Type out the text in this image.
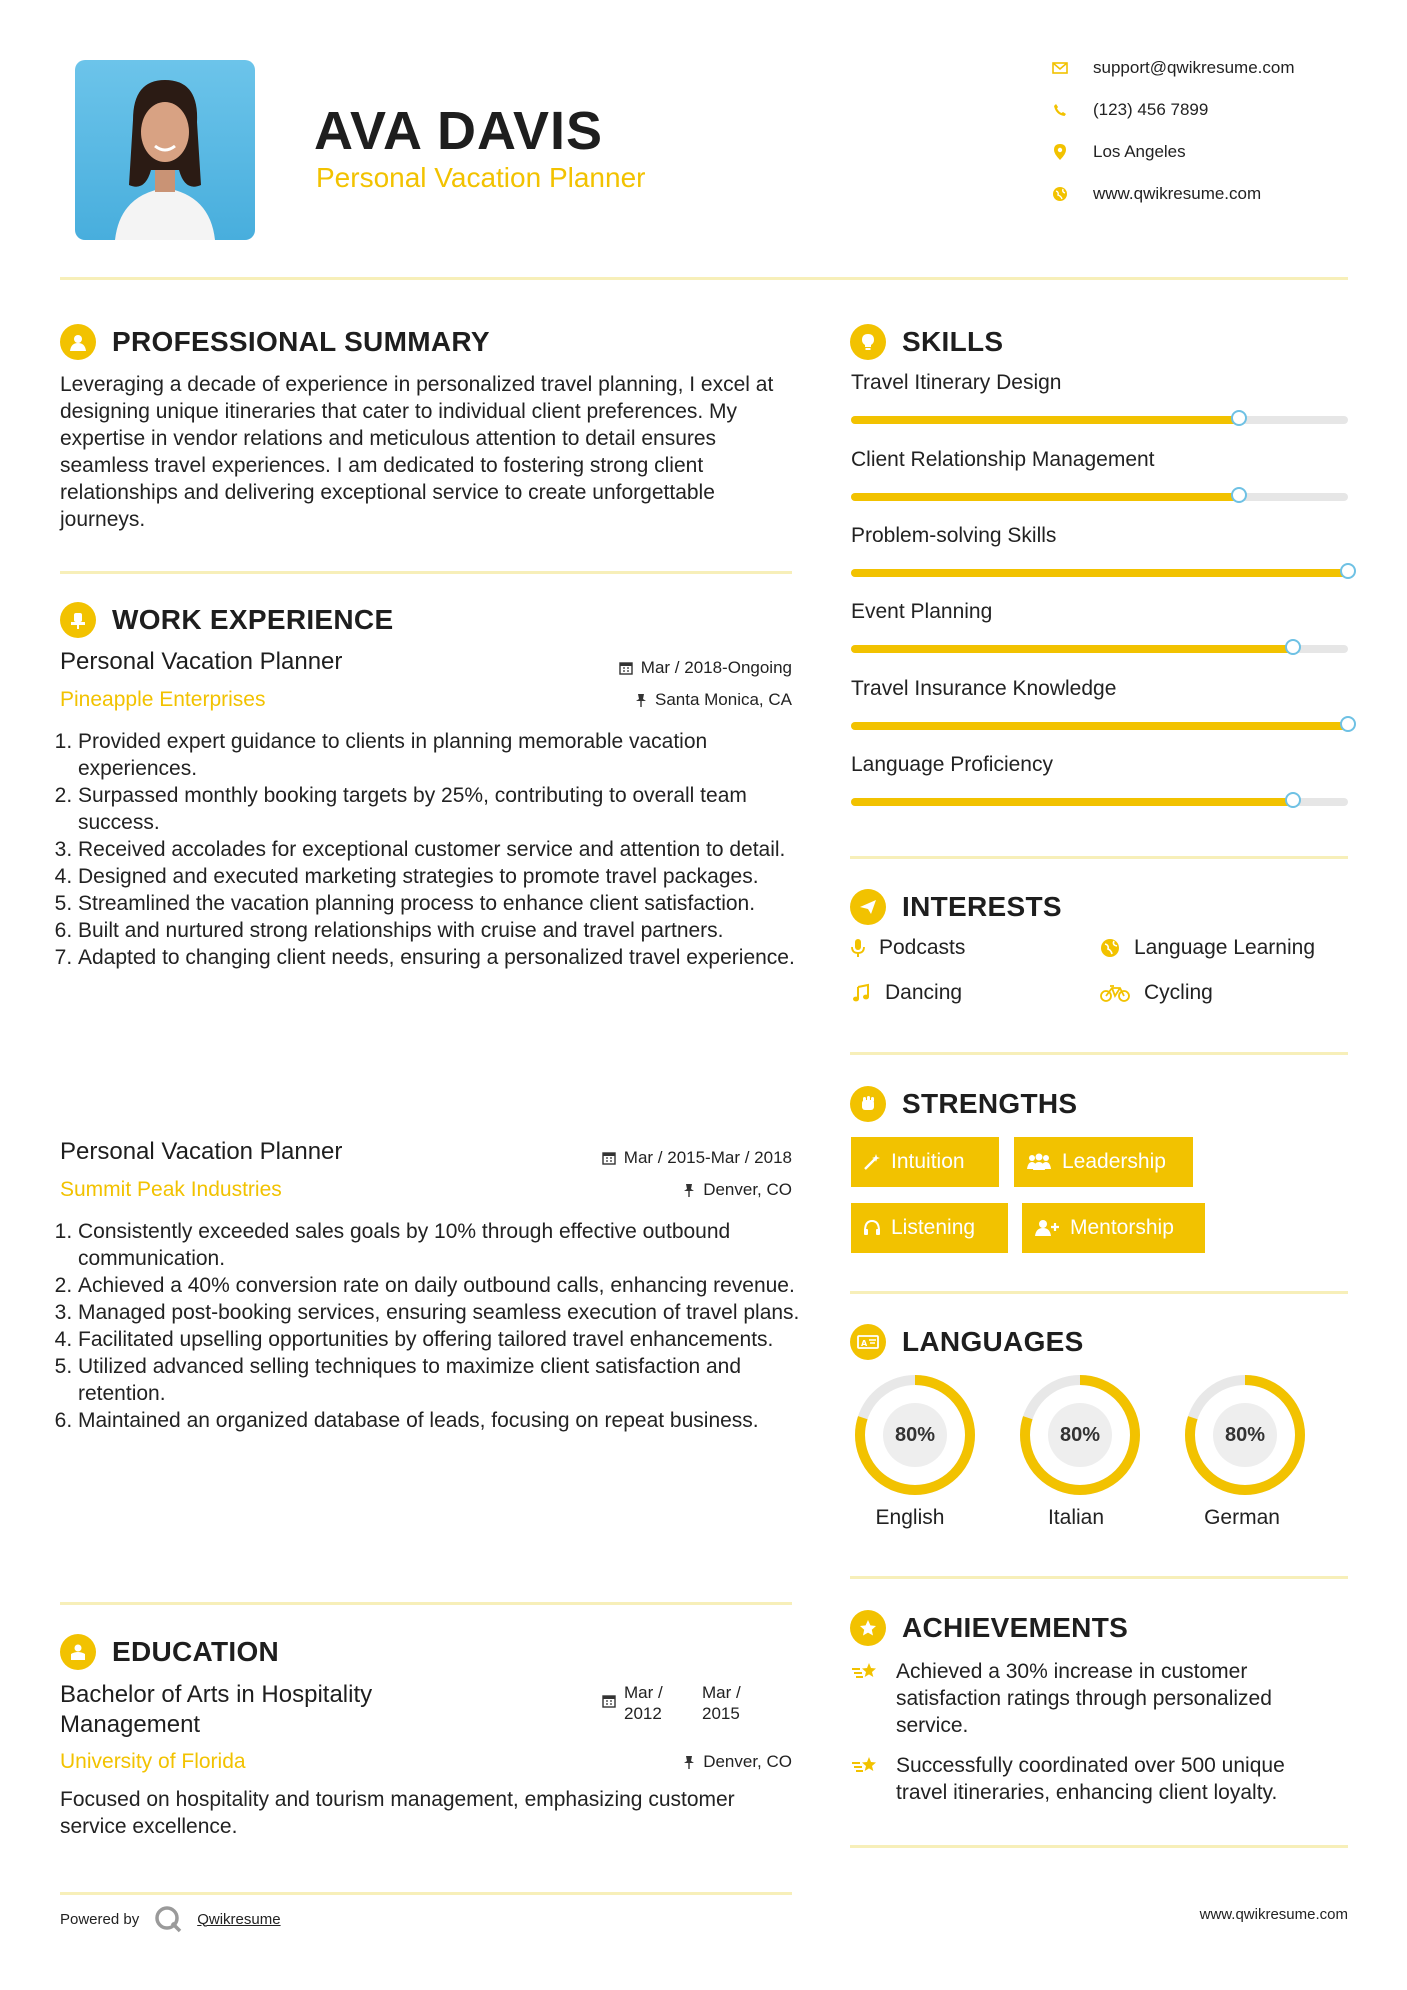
AVA DAVIS
Personal Vacation Planner
support@qwikresume.com
(123) 456 7899
Los Angeles
www.qwikresume.com
PROFESSIONAL SUMMARY
Leveraging a decade of experience in personalized travel planning, I excel at designing unique itineraries that cater to individual client preferences. My expertise in vendor relations and meticulous attention to detail ensures seamless travel experiences. I am dedicated to fostering strong client relationships and delivering exceptional service to create unforgettable journeys.
WORK EXPERIENCE
Personal Vacation Planner
Pineapple Enterprises
Mar / 2018-Ongoing
Santa Monica, CA
1. Provided expert guidance to clients in planning memorable vacation experiences.
2. Surpassed monthly booking targets by 25%, contributing to overall team success.
3. Received accolades for exceptional customer service and attention to detail.
4. Designed and executed marketing strategies to promote travel packages.
5. Streamlined the vacation planning process to enhance client satisfaction.
6. Built and nurtured strong relationships with cruise and travel partners.
7. Adapted to changing client needs, ensuring a personalized travel experience.
Personal Vacation Planner
Summit Peak Industries
Mar / 2015-Mar / 2018
Denver, CO
1. Consistently exceeded sales goals by 10% through effective outbound communication.
2. Achieved a 40% conversion rate on daily outbound calls, enhancing revenue.
3. Managed post-booking services, ensuring seamless execution of travel plans.
4. Facilitated upselling opportunities by offering tailored travel enhancements.
5. Utilized advanced selling techniques to maximize client satisfaction and retention.
6. Maintained an organized database of leads, focusing on repeat business.
EDUCATION
Bachelor of Arts in Hospitality Management
Mar / 2012
Mar / 2015
University of Florida	Denver, CO
Focused on hospitality and tourism management, emphasizing customer service excellence.
SKILLS
Travel Itinerary Design
Client Relationship Management
Problem-solving Skills
Event Planning
Travel Insurance Knowledge
Language Proficiency
INTERESTS
Podcasts	Language Learning
Dancing	Cycling
STRENGTHS
Intuition	Leadership
Listening	Mentorship
A LANGUAGES
80%
English
80%
Italian
80%
German
ACHIEVEMENTS
Achieved a 30% increase in customer satisfaction ratings through personalized service.
Successfully coordinated over 500 unique travel itineraries, enhancing client loyalty.
Powered by	Qwikresume	www.qwikresume.com
